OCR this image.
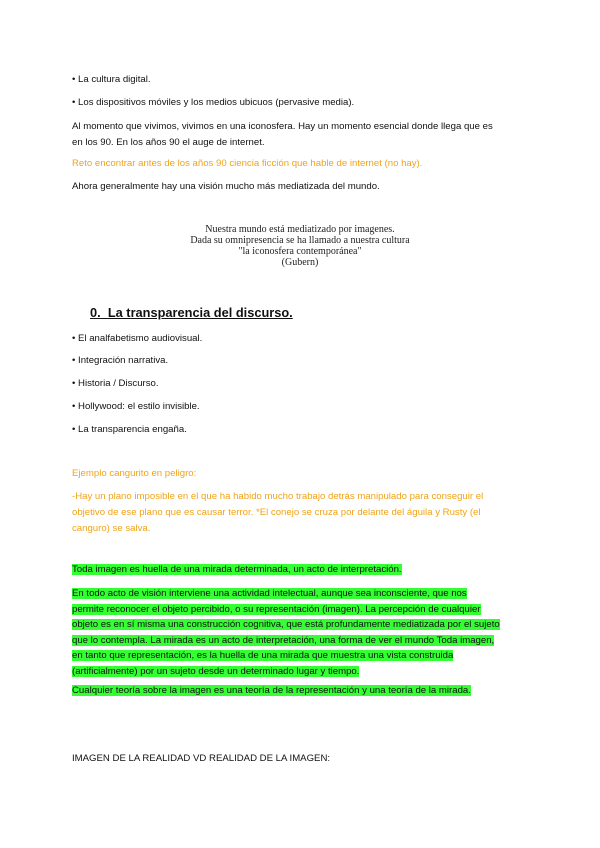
• La cultura digital.
• Los dispositivos móviles y los medios ubicuos (pervasive media).
Al momento que vivimos, vivimos en una iconosfera. Hay un momento esencial donde llega que es
en los 90. En los años 90 el auge de internet.
Reto encontrar antes de los años 90 ciencia ficción que hable de internet (no hay).
Ahora generalmente hay una visión mucho más mediatizada del mundo.
Nuestra mundo está mediatizado por imagenes.
Dada su omnipresencia se ha llamado a nuestra cultura
"la iconosfera contemporánea"
(Gubern)
0. La transparencia del discurso.
• El analfabetismo audiovisual.
• Integración narrativa.
• Historia / Discurso.
• Hollywood: el estilo invisible.
• La transparencia engaña.
Ejemplo cangurito en peligro:
-Hay un plano imposible en el que ha habido mucho trabajo detrás manipulado para conseguir el
objetivo de ese plano que es causar terror. *El conejo se cruza por delante del águila y Rusty (el
canguro) se salva.
Toda imagen es huella de una mirada determinada, un acto de interpretación.
En todo acto de visión interviene una actividad intelectual, aunque sea inconsciente, que nos
permite reconocer el objeto percibido, o su representación (imagen). La percepción de cualquier
objeto es en sí misma una construcción cognitiva, que está profundamente mediatizada por el sujeto
que lo contempla. La mirada es un acto de interpretación, una forma de ver el mundo Toda imagen,
en tanto que representación, es la huella de una mirada que muestra una vista construida
(artificialmente) por un sujeto desde un determinado lugar y tiempo.
Cualquier teoría sobre la imagen es una teoría de la representación y una teoría de la mirada.
IMAGEN DE LA REALIDAD VD REALIDAD DE LA IMAGEN:
